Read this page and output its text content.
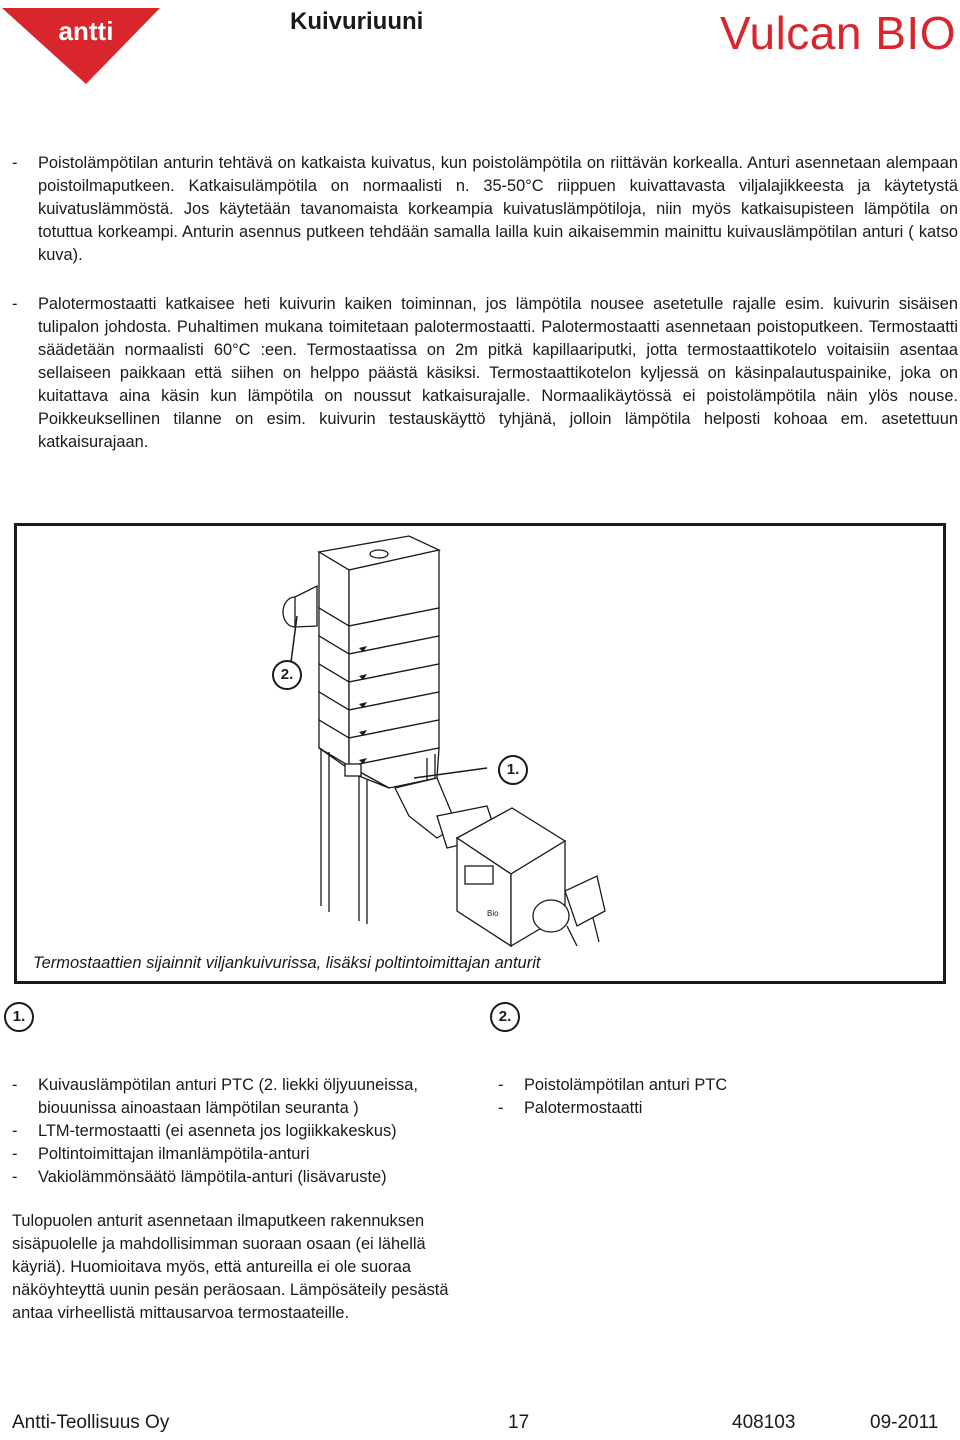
antti	Kuivuriuuni	Vulcan BIO
- Poistolämpötilan anturin tehtävä on katkaista kuivatus, kun poistolämpötila on riittävän korkealla. Anturi asennetaan alempaan poistoilmaputkeen. Katkaisulämpötila on normaalisti n. 35-50°C riippuen kuivattavasta viljalajikkeesta ja käytetystä kuivatuslämmöstä. Jos käytetään tavanomaista korkeampia kuivatuslämpötiloja, niin myös katkaisupisteen lämpötila on totuttua korkeampi. Anturin asennus putkeen tehdään samalla lailla kuin aikaisemmin mainittu kuivauslämpötilan anturi ( katso kuva).
- Palotermostaatti katkaisee heti kuivurin kaiken toiminnan, jos lämpötila nousee asetetulle rajalle esim. kuivurin sisäisen tulipalon johdosta. Puhaltimen mukana toimitetaan palotermostaatti. Palotermostaatti asennetaan poistoputkeen. Termostaatti säädetään normaalisti 60°C :een. Termostaatissa on 2m pitkä kapillaariputki, jotta termostaattikotelo voitaisiin asentaa sellaiseen paikkaan että siihen on helppo päästä käsiksi. Termostaattikotelon kyljessä on käsinpalautuspainike, joka on kuitattava aina käsin kun lämpötila on noussut katkaisurajalle. Normaalikäytössä ei poistolämpötila näin ylös nouse. Poikkeuksellinen tilanne on esim. kuivurin testauskäyttö tyhjänä, jolloin lämpötila helposti kohoaa em. asetettuun katkaisurajaan.
Bio
2.
1.
Termostaattien sijainnit viljankuivurissa, lisäksi poltintoimittajan anturit
1.	2.
- Kuivauslämpötilan anturi PTC (2. liekki öljyuuneissa, biouunissa ainoastaan lämpötilan seuranta )
- LTM-termostaatti (ei asenneta jos logiikkakeskus)
- Poltintoimittajan ilmanlämpötila-anturi
- Vakiolämmönsäätö lämpötila-anturi (lisävaruste)
- Poistolämpötilan anturi PTC
- Palotermostaatti
Tulopuolen anturit asennetaan ilmaputkeen rakennuksen sisäpuolelle ja mahdollisimman suoraan osaan (ei lähellä käyriä). Huomioitava myös, että antureilla ei ole suoraa näköyhteyttä uunin pesän peräosaan. Lämpösäteily pesästä antaa virheellistä mittausarvoa termostaateille.
Antti-Teollisuus Oy	17	408103	09-2011
